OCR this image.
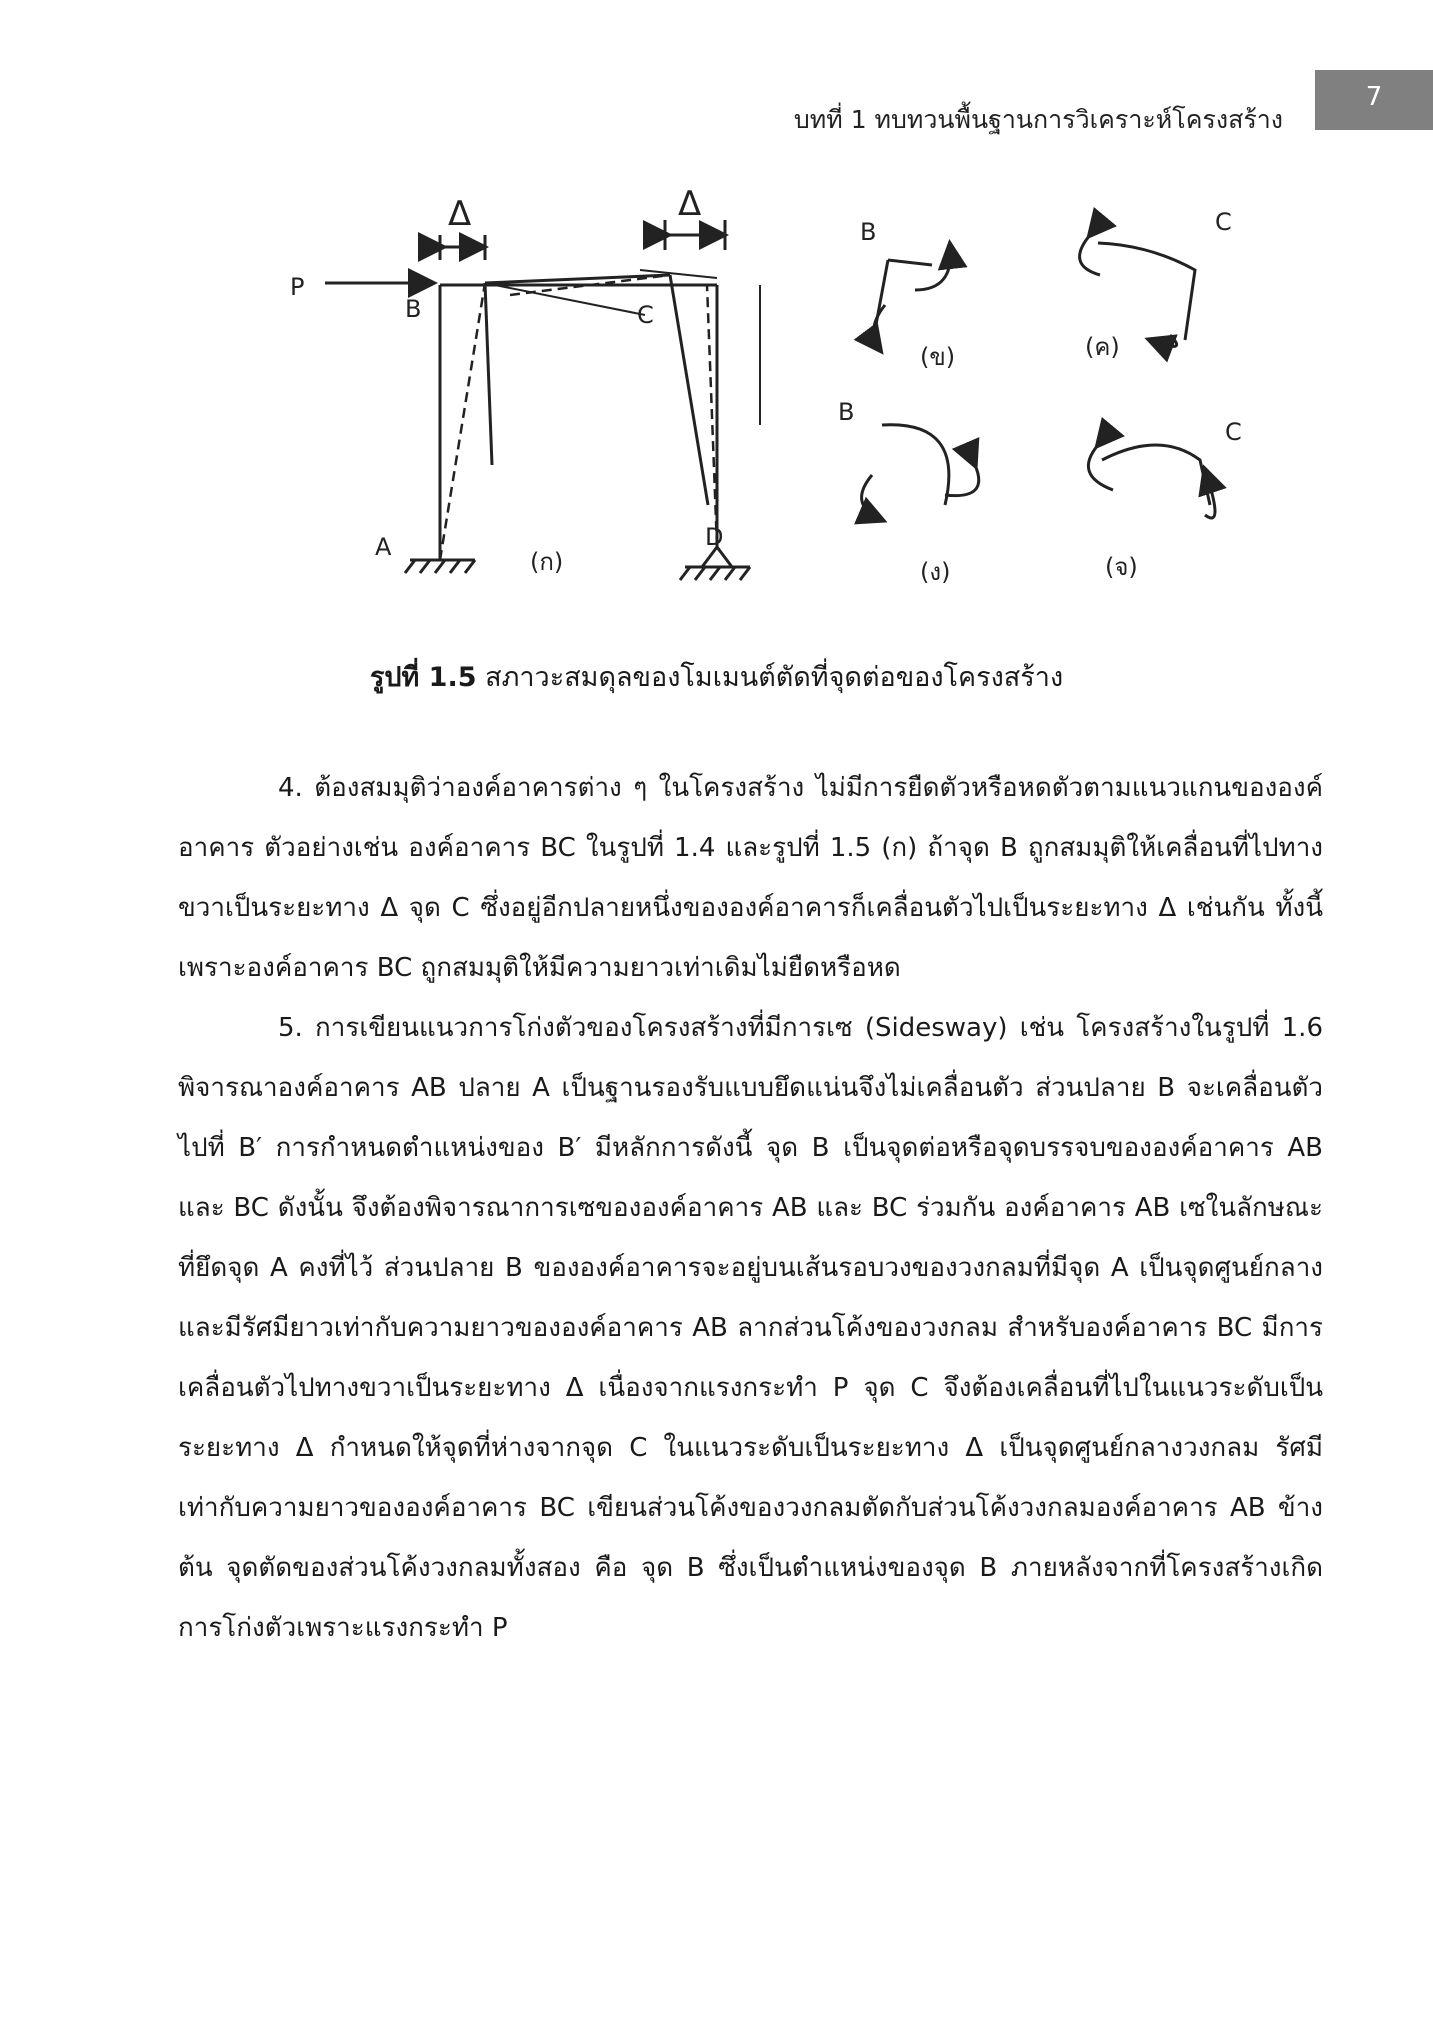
บทที่ 1 ทบทวนพื้นฐานการวิเคราะห์โครงสร้าง
7
P
B	C
A	D
Δ	Δ
(ก)
B
(ข)
C
(ค)
B
(ง)
C
(จ)
รูปที่ 1.5 สภาวะสมดุลของโมเมนต์ตัดที่จุดต่อของโครงสร้าง

4. ต้องสมมุติว่าองค์อาคารต่าง ๆ ในโครงสร้าง ไม่มีการยืดตัวหรือหดตัวตามแนวแกนขององค์อาคาร ตัวอย่างเช่น องค์อาคาร BC ในรูปที่ 1.4 และรูปที่ 1.5 (ก) ถ้าจุด B ถูกสมมุติให้เคลื่อนที่ไปทางขวาเป็นระยะทาง Δ จุด C ซึ่งอยู่อีกปลายหนึ่งขององค์อาคารก็เคลื่อนตัวไปเป็นระยะทาง Δ เช่นกัน ทั้งนี้เพราะองค์อาคาร BC ถูกสมมุติให้มีความยาวเท่าเดิมไม่ยืดหรือหด

5. การเขียนแนวการโก่งตัวของโครงสร้างที่มีการเซ (Sidesway) เช่น โครงสร้างในรูปที่ 1.6 พิจารณาองค์อาคาร AB ปลาย A เป็นฐานรองรับแบบยึดแน่นจึงไม่เคลื่อนตัว ส่วนปลาย B จะเคลื่อนตัวไปที่ B′ การกำหนดตำแหน่งของ B′ มีหลักการดังนี้ จุด B เป็นจุดต่อหรือจุดบรรจบขององค์อาคาร AB และ BC ดังนั้น จึงต้องพิจารณาการเซขององค์อาคาร AB และ BC ร่วมกัน องค์อาคาร AB เซในลักษณะที่ยึดจุด A คงที่ไว้ ส่วนปลาย B ขององค์อาคารจะอยู่บนเส้นรอบวงของวงกลมที่มีจุด A เป็นจุดศูนย์กลาง และมีรัศมียาวเท่ากับความยาวขององค์อาคาร AB ลากส่วนโค้งของวงกลม สำหรับองค์อาคาร BC มีการเคลื่อนตัวไปทางขวาเป็นระยะทาง Δ เนื่องจากแรงกระทำ P จุด C จึงต้องเคลื่อนที่ไปในแนวระดับเป็นระยะทาง Δ กำหนดให้จุดที่ห่างจากจุด C ในแนวระดับเป็นระยะทาง Δ เป็นจุดศูนย์กลางวงกลม รัศมีเท่ากับความยาวขององค์อาคาร BC เขียนส่วนโค้งของวงกลมตัดกับส่วนโค้งวงกลมองค์อาคาร AB ข้างต้น จุดตัดของส่วนโค้งวงกลมทั้งสอง คือ จุด B ซึ่งเป็นตำแหน่งของจุด B ภายหลังจากที่โครงสร้างเกิดการโก่งตัวเพราะแรงกระทำ P
